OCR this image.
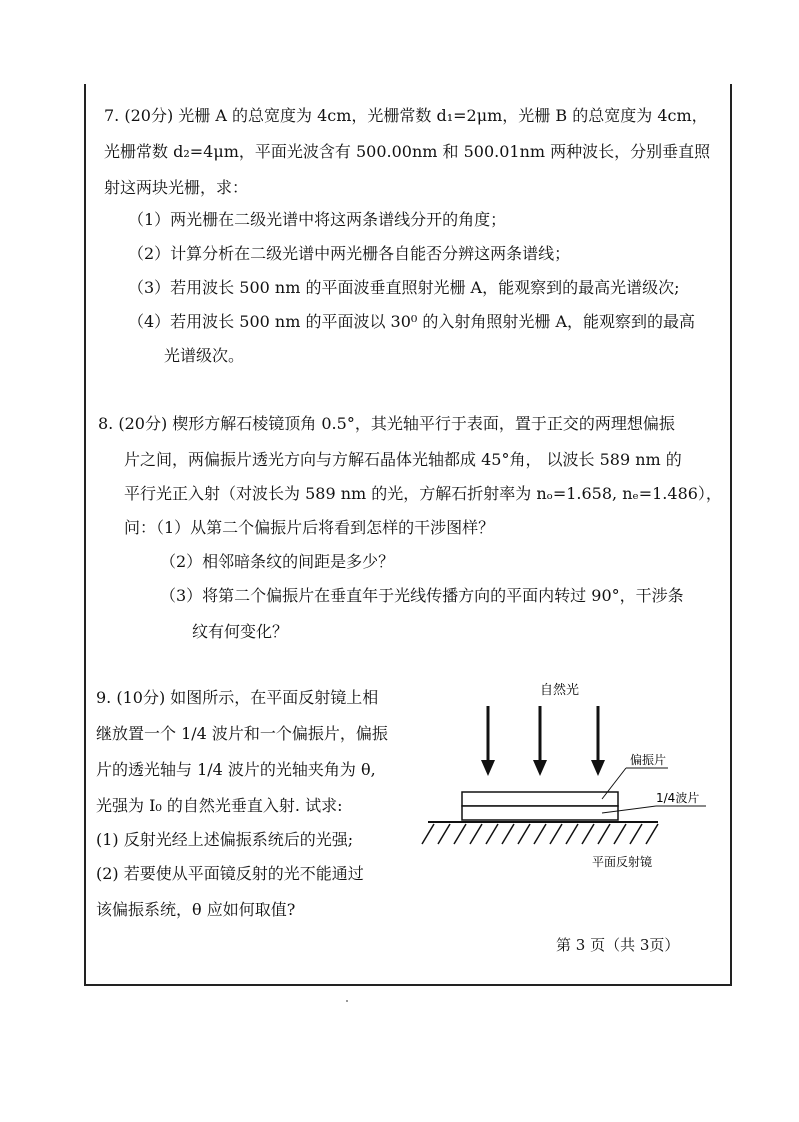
7. (20分) 光栅 A 的总宽度为 4cm，光栅常数 d₁=2μm，光栅 B 的总宽度为 4cm，
光栅常数 d₂=4μm，平面光波含有 500.00nm 和 500.01nm 两种波长，分别垂直照
射这两块光栅，求：
（1）两光栅在二级光谱中将这两条谱线分开的角度；
（2）计算分析在二级光谱中两光栅各自能否分辨这两条谱线；
（3）若用波长 500 nm 的平面波垂直照射光栅 A，能观察到的最高光谱级次;
（4）若用波长 500 nm 的平面波以 30⁰ 的入射角照射光栅 A，能观察到的最高
光谱级次。
8. (20分) 楔形方解石棱镜顶角 0.5°，其光轴平行于表面，置于正交的两理想偏振
片之间，两偏振片透光方向与方解石晶体光轴都成 45°角， 以波长 589 nm 的
平行光正入射（对波长为 589 nm 的光，方解石折射率为 nₒ=1.658, nₑ=1.486），
问：（1）从第二个偏振片后将看到怎样的干涉图样？
（2）相邻暗条纹的间距是多少？
（3）将第二个偏振片在垂直年于光线传播方向的平面内转过 90°，干涉条
纹有何变化？
9. (10分) 如图所示，在平面反射镜上相
继放置一个 1/4 波片和一个偏振片，偏振
片的透光轴与 1/4 波片的光轴夹角为 θ,
光强为 I₀ 的自然光垂直入射. 试求:
(1) 反射光经上述偏振系统后的光强;
(2) 若要使从平面镜反射的光不能通过
该偏振系统，θ 应如何取值?
自然光
偏振片
1/4波片
平面反射镜
第 3 页（共 3页）
